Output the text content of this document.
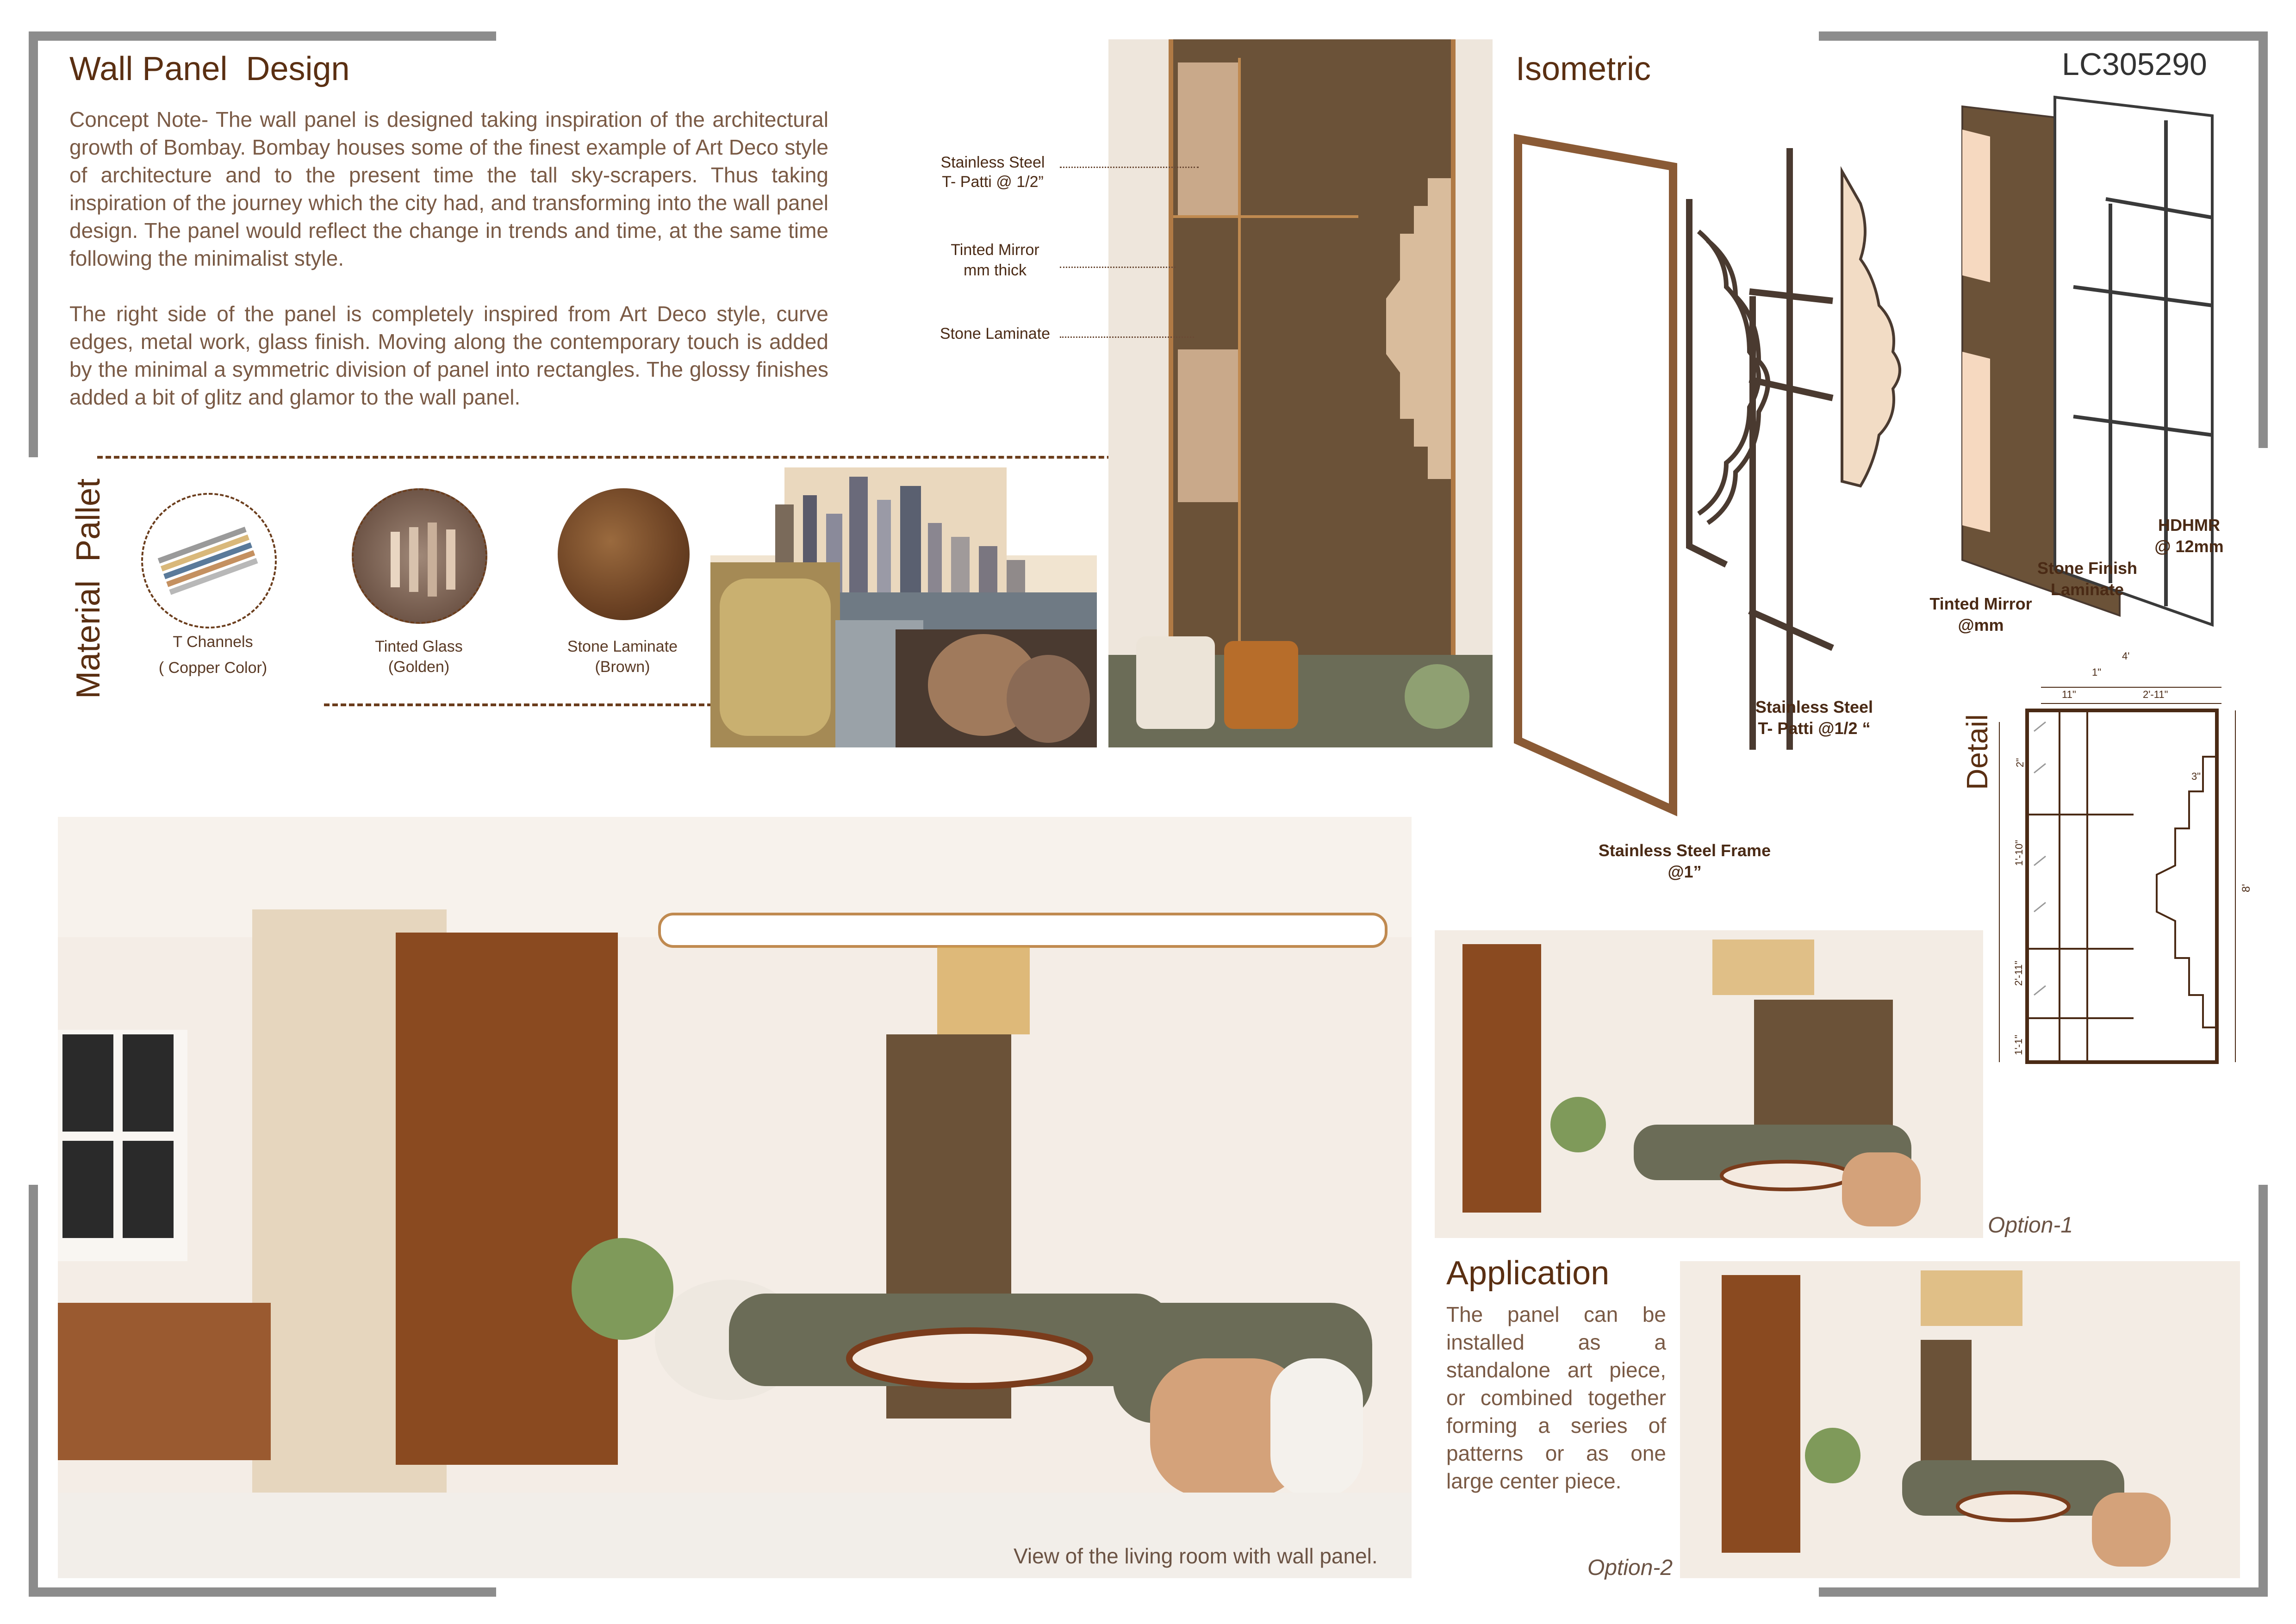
Wall Panel  Design
Concept Note- The wall panel is designed taking inspiration of the architectural growth of Bombay. Bombay houses some of the finest example of Art Deco style of architecture and to the present time the tall sky-scrapers. Thus taking inspiration of the journey which the city had, and transforming into the wall panel design. The panel would reflect the change in trends and time, at the same time following the minimalist style.
The right side of the panel is completely inspired from Art Deco style, curve edges, metal work, glass finish. Moving along the contemporary touch is added by the minimal a symmetric division of panel into rectangles. The glossy finishes added a bit of glitz and glamor to the wall panel.
Material  Pallet	T Channels
( Copper Color)
Tinted Glass
(Golden)
Stone Laminate
(Brown)
Stainless Steel
T- Patti @ 1/2”
Tinted Mirror
mm thick
Stone Laminate
Isometric	LC305290
HDHMR
@ 12mm
Stone Finish
Laminate
Tinted Mirror
@mm
Stainless Steel
T- Patti @1/2 “
Stainless Steel Frame
@1”
Detail
4'
1"
11"	2'-11"
2"
1'-10"
2'-11"
1'-1"
8'
3"
View of the living room with wall panel.
Option-1
Application
The panel can be installed as a standalone art piece, or combined together forming a series of patterns or as one large center piece.
Option-2
